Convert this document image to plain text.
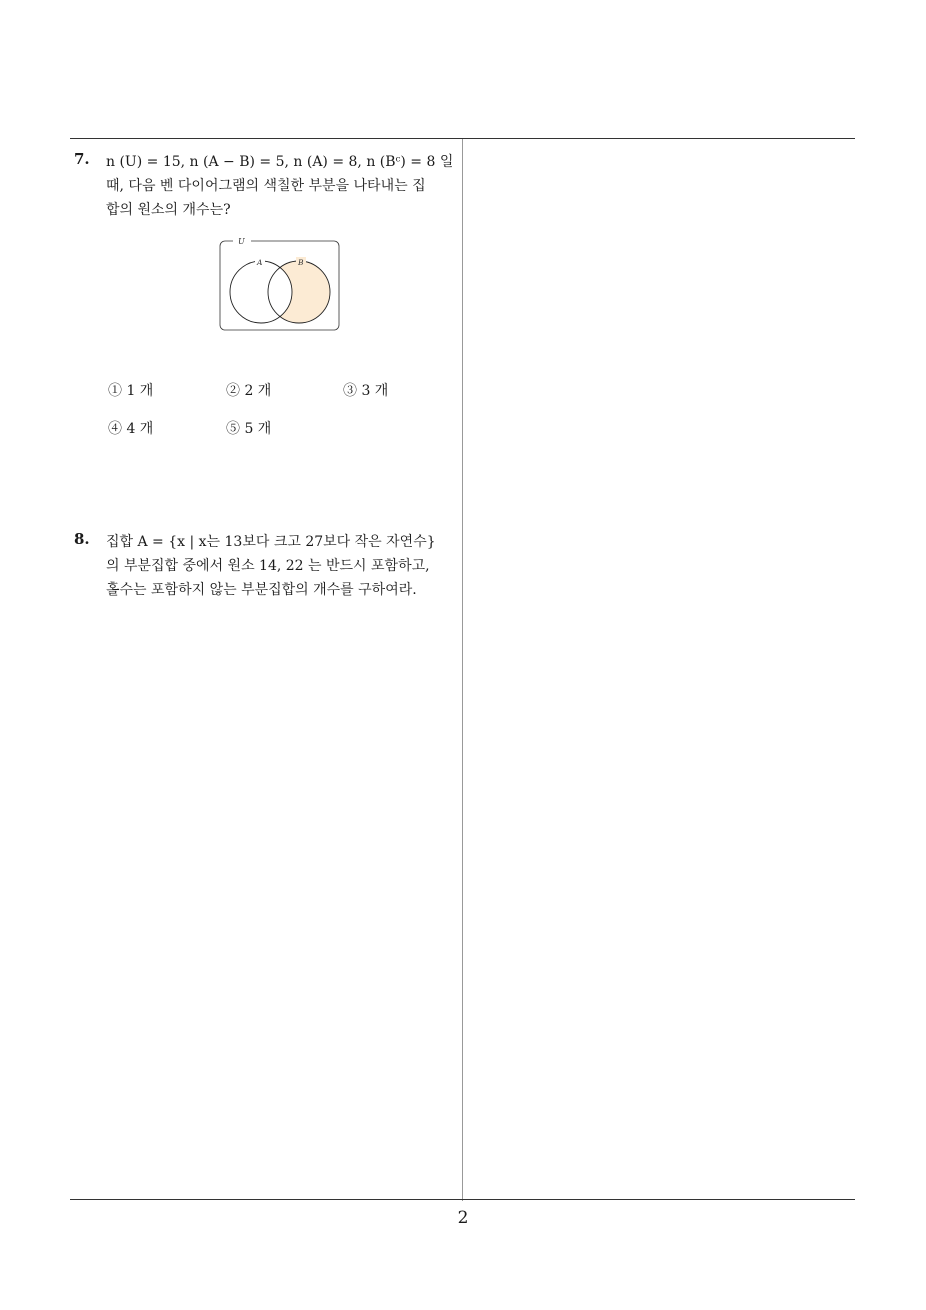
7. n (U) = 15, n (A − B) = 5, n (A) = 8, n (Bᶜ) = 8 일

때, 다음 벤 다이어그램의 색칠한 부분을 나타내는 집

합의 원소의 개수는?

U
A	B
① 1 개	② 2 개	③ 3 개
④ 4 개	⑤ 5 개
8. 집합 A = {x | x는 13보다 크고 27보다 작은 자연수}

의 부분집합 중에서 원소 14, 22 는 반드시 포함하고,

홀수는 포함하지 않는 부분집합의 개수를 구하여라.

2
